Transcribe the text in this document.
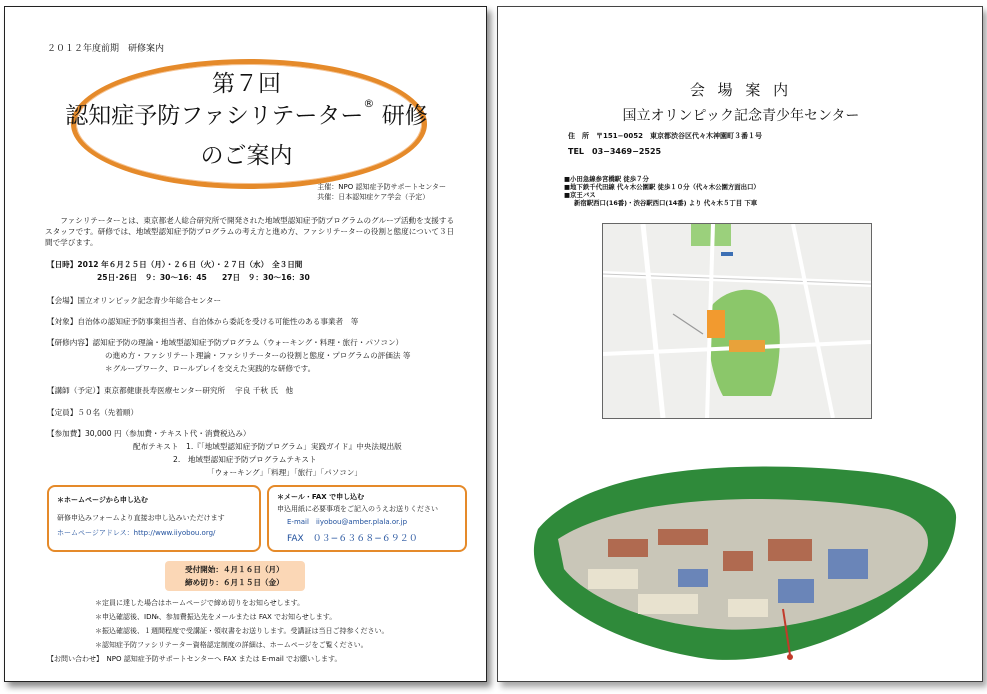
２０１２年度前期　研修案内
第７回
認知症予防ファシリテーター® 研修
のご案内
主催：NPO 認知症予防サポートセンター
共催：日本認知症ケア学会（予定）
ファシリテーターとは、東京都老人総合研究所で開発された地域型認知症予防プログラムのグループ活動を支援するスタッフです。研修では、地域型認知症予防プログラムの考え方と進め方、ファシリテーターの役割と態度について３日間で学びます。
【日時】2012 年６月２５日（月）・２６日（火）・２７日（水）　全３日間
25日･26日　９：30〜16：45　　27日　９：30〜16：30
【会場】国立オリンピック記念青少年総合センター
【対象】自治体の認知症予防事業担当者、自治体から委託を受ける可能性のある事業者　等
【研修内容】認知症予防の理論・地域型認知症予防プログラム（ウォーキング・料理・旅行・パソコン）
の進め方・ファシリテート理論・ファシリテーターの役割と態度・プログラムの評価法 等
＊グループワーク、ロールプレイを交えた実践的な研修です。
【講師（予定）】東京都健康長寿医療センター研究所　 宇良 千秋 氏　他
【定員】５０名（先着順）
【参加費】30,000 円（参加費・テキスト代・消費税込み）
配布テキスト　1.『「地域型認知症予防プログラム」実践ガイド』中央法規出版
2.　地域型認知症予防プログラムテキスト
「ウォーキング」「料理」「旅行」「パソコン」
＊ホームページから申し込む
研修申込みフォームより直接お申し込みいただけます
ホームページアドレス：http://www.iiyobou.org/
＊メール・FAX で申し込む
申込用紙に必要事項をご記入のうえお送りください
E-mail　iiyobou@amber.plala.or.jp
FAX　０３−６３６８−６９２０
受付開始：４月１６日（月）
締め切り：６月１５日（金）
＊定員に達した場合はホームページで締め切りをお知らせします。
＊申込確認後、ID№、参加費振込先をメールまたは FAX でお知らせします。
＊振込確認後、１週間程度で受講証・領収書をお送りします。受講証は当日ご持参ください。
＊認知症予防ファシリテーター資格認定制度の詳細は、ホームページをご覧ください。
【お問い合わせ】　NPO 認知症予防サポートセンターへ FAX または E‐mail でお願いします。
会 場 案 内
国立オリンピック記念青少年センター
住　所　〒151−0052　東京都渋谷区代々木神園町３番１号
TEL　03−3469−2525
■小田急線参宮橋駅 徒歩７分
■地下鉄千代田線 代々木公園駅 徒歩１０分（代々木公園方面出口）
■京王バス
新宿駅西口(16番)・渋谷駅西口(14番) より 代々木５丁目 下車
